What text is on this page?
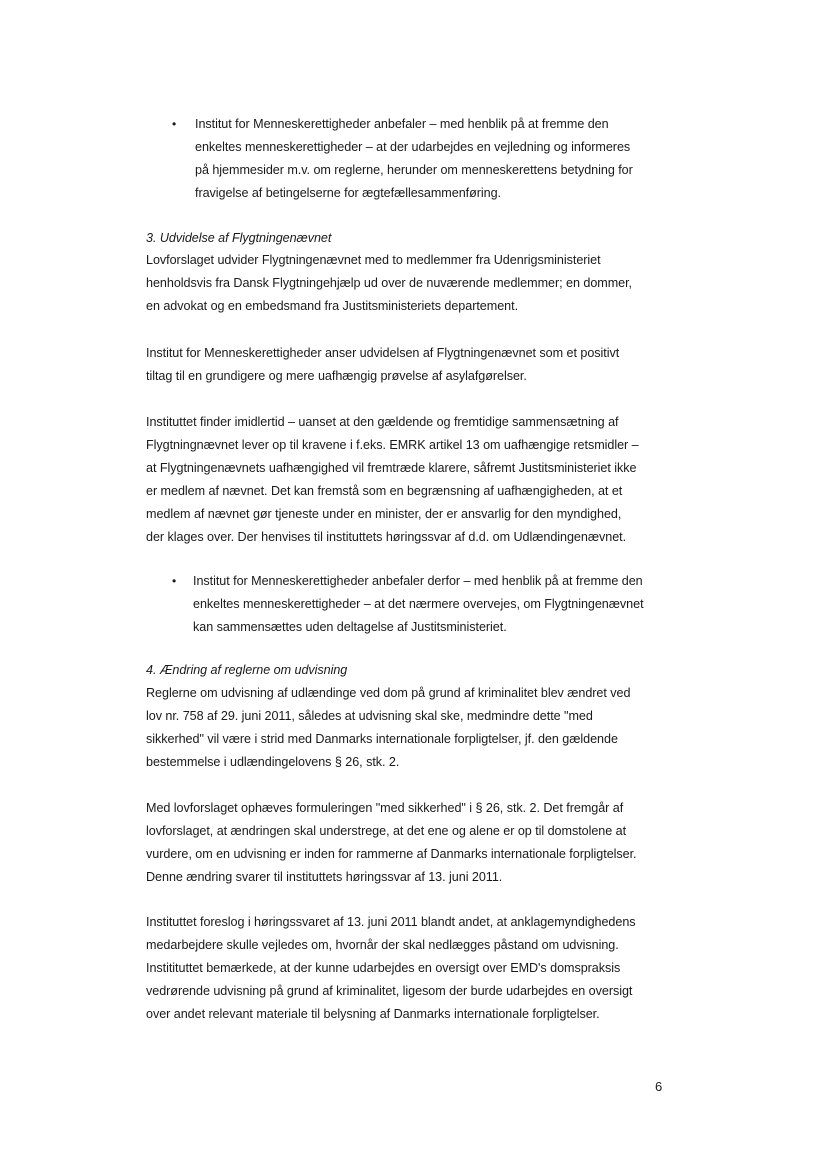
• Institut for Menneskerettigheder anbefaler – med henblik på at fremme den
enkeltes menneskerettigheder – at der udarbejdes en vejledning og informeres
på hjemmesider m.v. om reglerne, herunder om menneskerettens betydning for
fravigelse af betingelserne for ægtefællesammenføring.
3. Udvidelse af Flygtningenævnet
Lovforslaget udvider Flygtningenævnet med to medlemmer fra Udenrigsministeriet
henholdsvis fra Dansk Flygtningehjælp ud over de nuværende medlemmer; en dommer,
en advokat og en embedsmand fra Justitsministeriets departement.
Institut for Menneskerettigheder anser udvidelsen af Flygtningenævnet som et positivt
tiltag til en grundigere og mere uafhængig prøvelse af asylafgørelser.
Instituttet finder imidlertid – uanset at den gældende og fremtidige sammensætning af
Flygtningnævnet lever op til kravene i f.eks. EMRK artikel 13 om uafhængige retsmidler –
at Flygtningenævnets uafhængighed vil fremtræde klarere, såfremt Justitsministeriet ikke
er medlem af nævnet. Det kan fremstå som en begrænsning af uafhængigheden, at et
medlem af nævnet gør tjeneste under en minister, der er ansvarlig for den myndighed,
der klages over. Der henvises til instituttets høringssvar af d.d. om Udlændingenævnet.
• Institut for Menneskerettigheder anbefaler derfor – med henblik på at fremme den
enkeltes menneskerettigheder – at det nærmere overvejes, om Flygtningenævnet
kan sammensættes uden deltagelse af Justitsministeriet.
4. Ændring af reglerne om udvisning
Reglerne om udvisning af udlændinge ved dom på grund af kriminalitet blev ændret ved
lov nr. 758 af 29. juni 2011, således at udvisning skal ske, medmindre dette "med
sikkerhed" vil være i strid med Danmarks internationale forpligtelser, jf. den gældende
bestemmelse i udlændingelovens § 26, stk. 2.
Med lovforslaget ophæves formuleringen "med sikkerhed" i § 26, stk. 2. Det fremgår af
lovforslaget, at ændringen skal understrege, at det ene og alene er op til domstolene at
vurdere, om en udvisning er inden for rammerne af Danmarks internationale forpligtelser.
Denne ændring svarer til instituttets høringssvar af 13. juni 2011.
Instituttet foreslog i høringssvaret af 13. juni 2011 blandt andet, at anklagemyndighedens
medarbejdere skulle vejledes om, hvornår der skal nedlægges påstand om udvisning.
Institituttet bemærkede, at der kunne udarbejdes en oversigt over EMD's domspraksis
vedrørende udvisning på grund af kriminalitet, ligesom der burde udarbejdes en oversigt
over andet relevant materiale til belysning af Danmarks internationale forpligtelser.
6
